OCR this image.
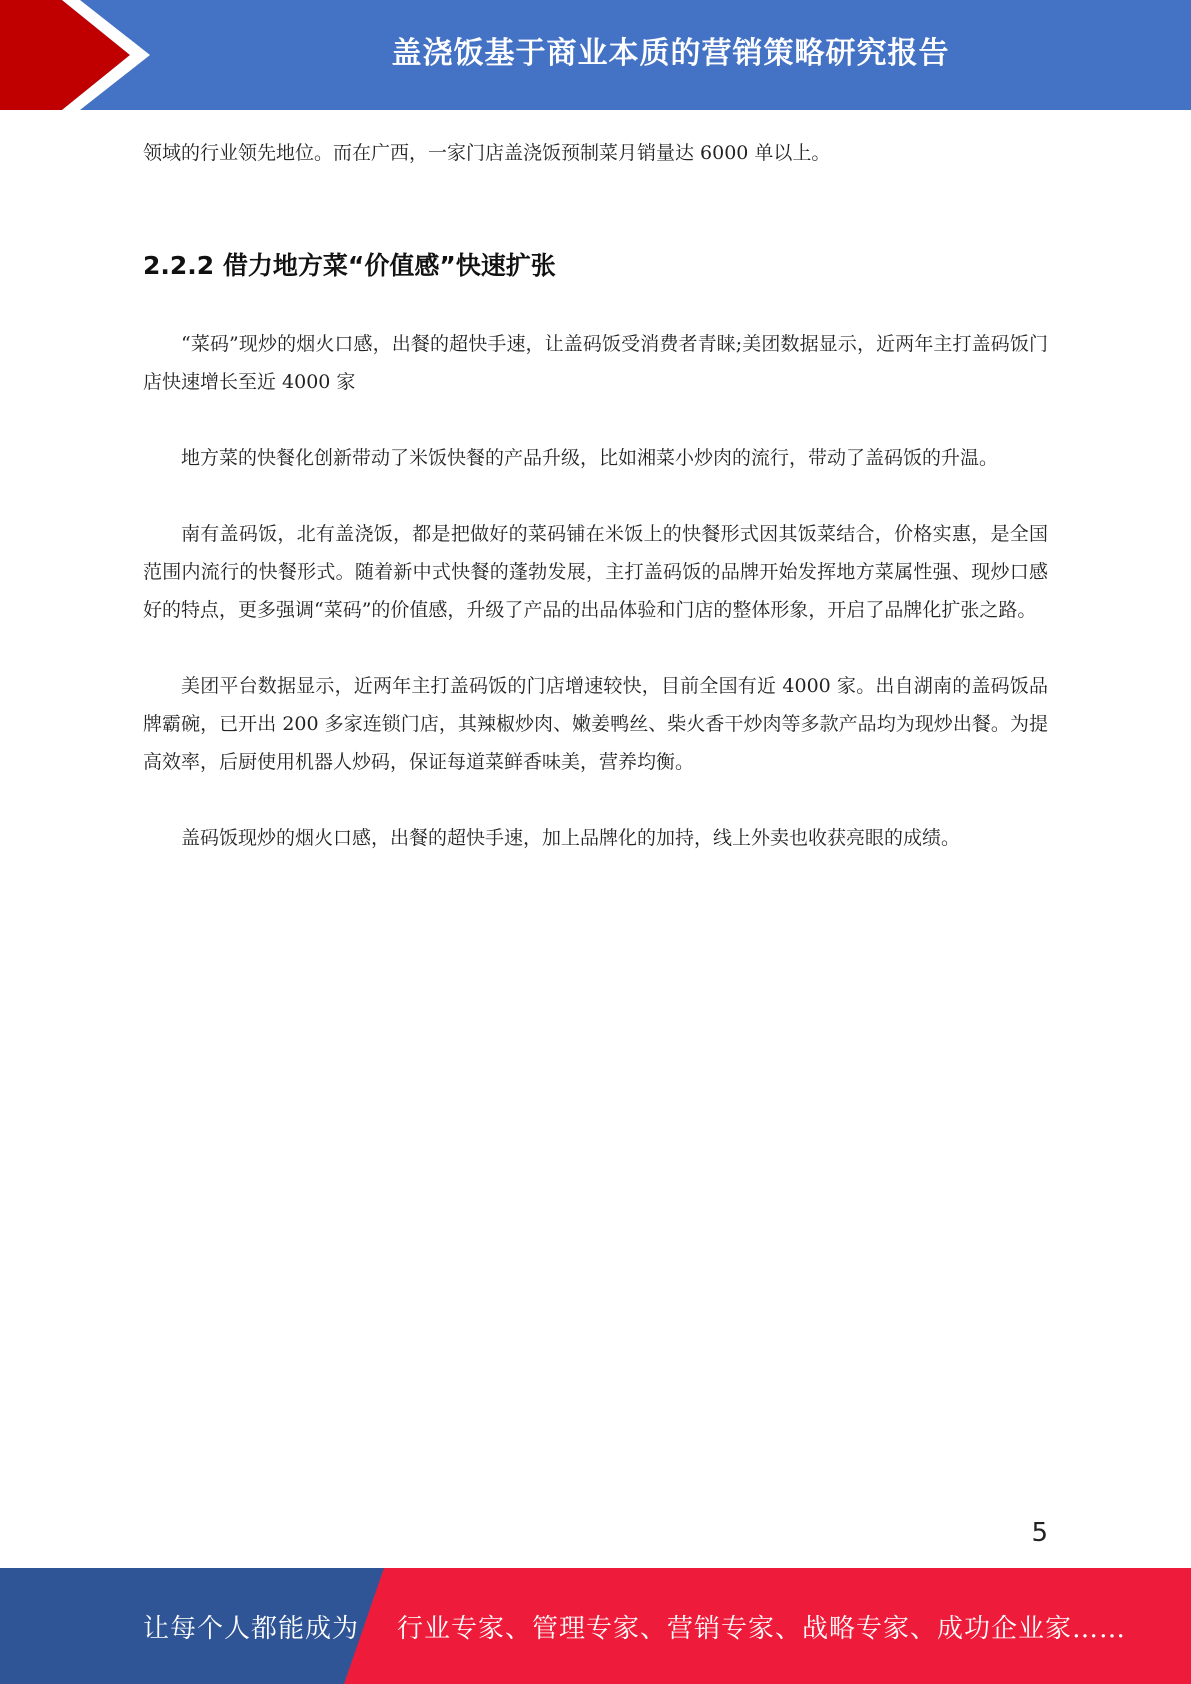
盖浇饭基于商业本质的营销策略研究报告

领域的行业领先地位。而在广西，一家门店盖浇饭预制菜月销量达 6000 单以上。

2.2.2 借力地方菜“价值感”快速扩张

“菜码”现炒的烟火口感，出餐的超快手速，让盖码饭受消费者青睐;美团数据显示，近两年主打盖码饭门店快速增长至近 4000 家

地方菜的快餐化创新带动了米饭快餐的产品升级，比如湘菜小炒肉的流行，带动了盖码饭的升温。

南有盖码饭，北有盖浇饭，都是把做好的菜码铺在米饭上的快餐形式因其饭菜结合，价格实惠，是全国范围内流行的快餐形式。随着新中式快餐的蓬勃发展，主打盖码饭的品牌开始发挥地方菜属性强、现炒口感好的特点，更多强调“菜码”的价值感，升级了产品的出品体验和门店的整体形象，开启了品牌化扩张之路。

美团平台数据显示，近两年主打盖码饭的门店增速较快，目前全国有近 4000 家。出自湖南的盖码饭品牌霸碗，已开出 200 多家连锁门店，其辣椒炒肉、嫩姜鸭丝、柴火香干炒肉等多款产品均为现炒出餐。为提高效率，后厨使用机器人炒码，保证每道菜鲜香味美，营养均衡。

盖码饭现炒的烟火口感，出餐的超快手速，加上品牌化的加持，线上外卖也收获亮眼的成绩。

5
让每个人都能成为 行业专家、管理专家、营销专家、战略专家、成功企业家……
